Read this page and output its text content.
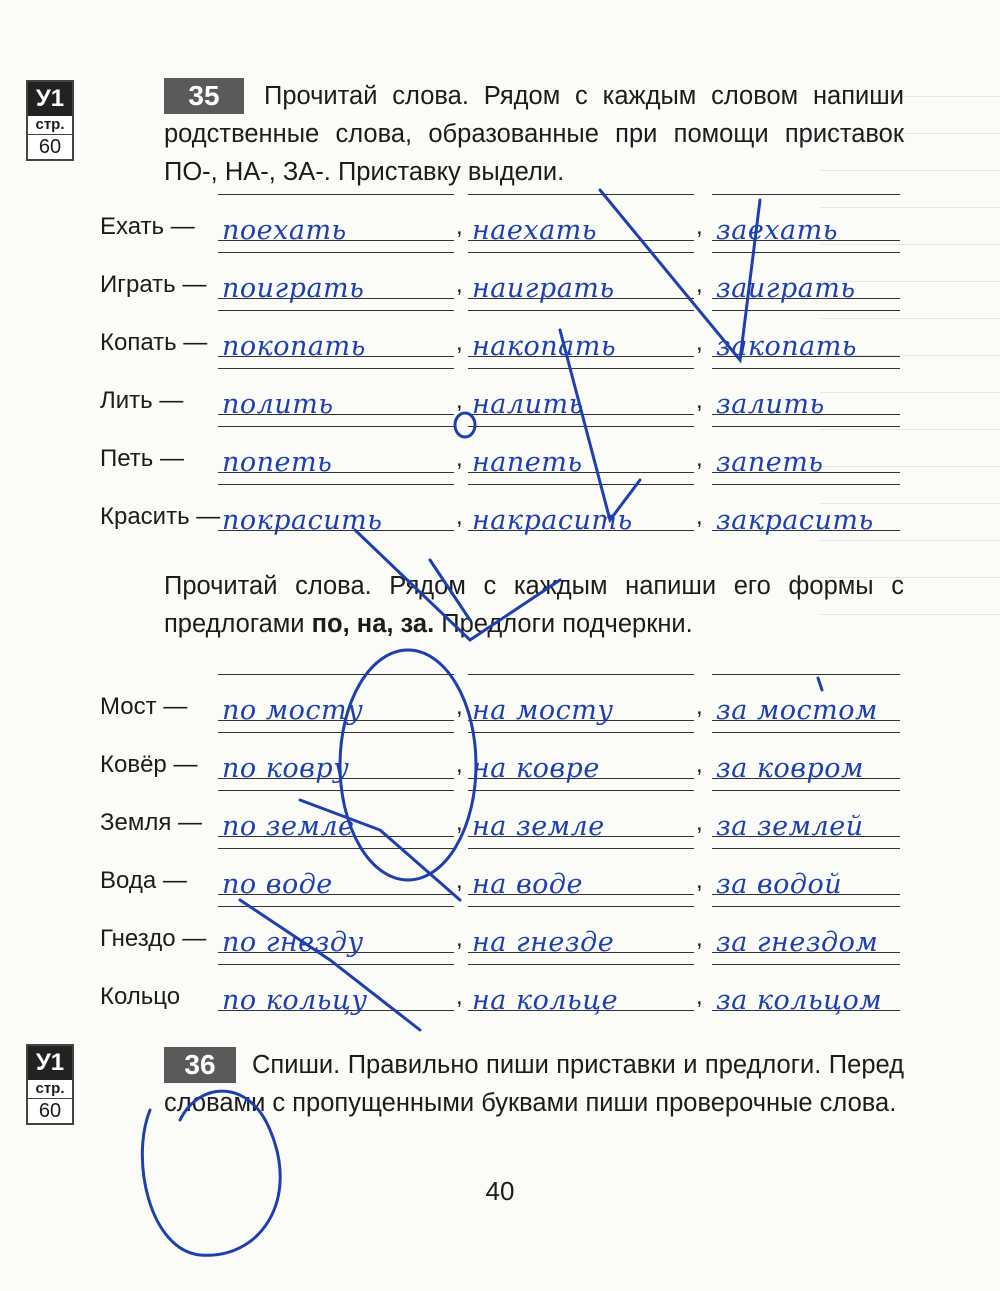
У1
стр.
60
У1
стр.
60
35	Прочитай слова. Рядом с каждым словом напиши родственные слова, образованные при помощи приставок ПО-, НА-, ЗА-. Приставку выдели.
Ехать — поехать	, наехать	, заехать
Играть — поиграть	, наиграть	, заиграть
Копать — покопать	, накопать	, закопать
Лить — полить	, налить	, залить
Петь — попеть	, напеть	, запеть
Красить — покрасить	, накрасить	, закрасить
Прочитай слова. Рядом с каждым напиши его формы с предлогами по, на, за. Предлоги подчеркни.
Мост — по мосту	, на мосту	, за мостом
Ковёр — по ковру	, на ковре	, за ковром
Земля — по земле	, на земле	, за землей
Вода — по воде	, на воде	, за водой
Гнездо — по гнезду	, на гнезде	, за гнездом
Кольцо по кольцу	, на кольце	, за кольцом
36	Спиши. Правильно пиши приставки и предлоги. Перед словами с пропущенными буквами пиши проверочные слова.
40
